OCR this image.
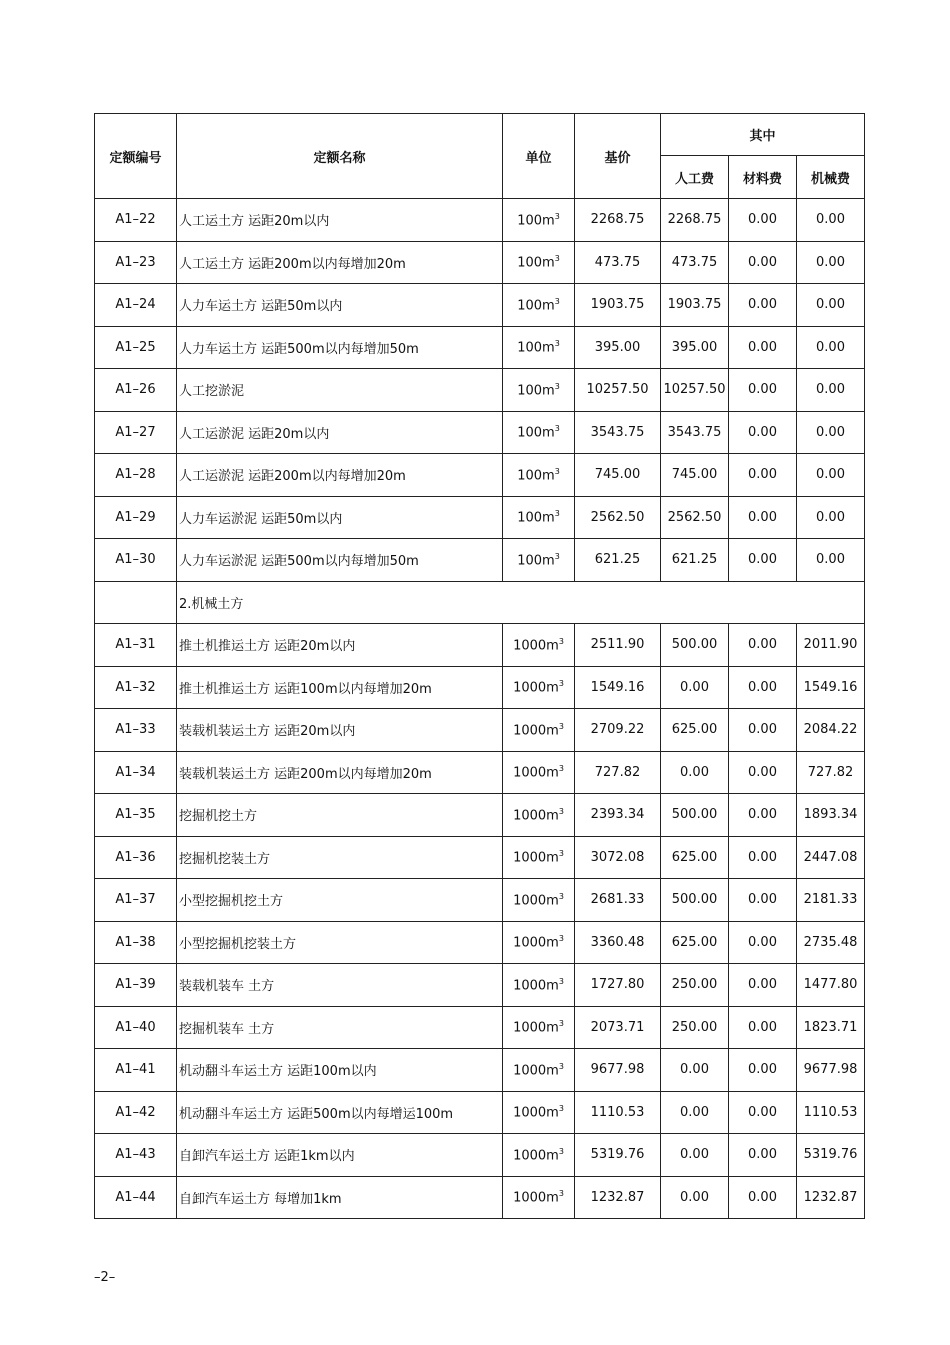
定额编号	定额名称	单位	基价	其中		
				人工费	材料费	机械费
A1–22	人工运土方 运距20m以内	$100m^3$	2268.75	2268.75	0.00	0.00
A1–23	人工运土方 运距200m以内每增加20m	$100m^3$	473.75	473.75	0.00	0.00
A1–24	人力车运土方 运距50m以内	$100m^3$	1903.75	1903.75	0.00	0.00
A1–25	人力车运土方 运距500m以内每增加50m	$100m^3$	395.00	395.00	0.00	0.00
A1–26	人工挖淤泥	$100m^3$	10257.50	10257.50	0.00	0.00
A1–27	人工运淤泥 运距20m以内	$100m^3$	3543.75	3543.75	0.00	0.00
A1–28	人工运淤泥 运距200m以内每增加20m	$100m^3$	745.00	745.00	0.00	0.00
A1–29	人力车运淤泥 运距50m以内	$100m^3$	2562.50	2562.50	0.00	0.00
A1–30	人力车运淤泥 运距500m以内每增加50m	$100m^3$	621.25	621.25	0.00	0.00
	2.机械土方					
A1–31	推土机推运土方 运距20m以内	$1000m^3$	2511.90	500.00	0.00	2011.90
A1–32	推土机推运土方 运距100m以内每增加20m	$1000m^3$	1549.16	0.00	0.00	1549.16
A1–33	装载机装运土方 运距20m以内	$1000m^3$	2709.22	625.00	0.00	2084.22
A1–34	装载机装运土方 运距200m以内每增加20m	$1000m^3$	727.82	0.00	0.00	727.82
A1–35	挖掘机挖土方	$1000m^3$	2393.34	500.00	0.00	1893.34
A1–36	挖掘机挖装土方	$1000m^3$	3072.08	625.00	0.00	2447.08
A1–37	小型挖掘机挖土方	$1000m^3$	2681.33	500.00	0.00	2181.33
A1–38	小型挖掘机挖装土方	$1000m^3$	3360.48	625.00	0.00	2735.48
A1–39	装载机装车 土方	$1000m^3$	1727.80	250.00	0.00	1477.80
A1–40	挖掘机装车 土方	$1000m^3$	2073.71	250.00	0.00	1823.71
A1–41	机动翻斗车运土方 运距100m以内	$1000m^3$	9677.98	0.00	0.00	9677.98
A1–42	机动翻斗车运土方 运距500m以内每增运100m	$1000m^3$	1110.53	0.00	0.00	1110.53
A1–43	自卸汽车运土方 运距1km以内	$1000m^3$	5319.76	0.00	0.00	5319.76
A1–44	自卸汽车运土方 每增加1km	$1000m^3$	1232.87	0.00	0.00	1232.87
–2–
